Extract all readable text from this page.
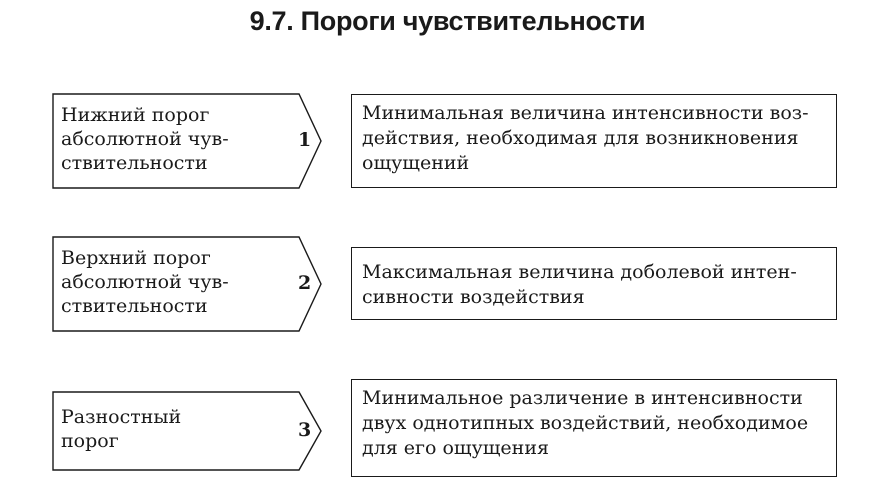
9.7. Пороги чувствительности
Нижний порог
абсолютной чув-
ствительности
1
Минимальная величина интенсивности воз-
действия, необходимая для возникновения
ощущений
Верхний порог
абсолютной чув-
ствительности
2	Максимальная величина доболевой интен-
сивности воздействия
Разностный
порог	3
Минимальное различение в интенсивности
двух однотипных воздействий, необходимое
для его ощущения
